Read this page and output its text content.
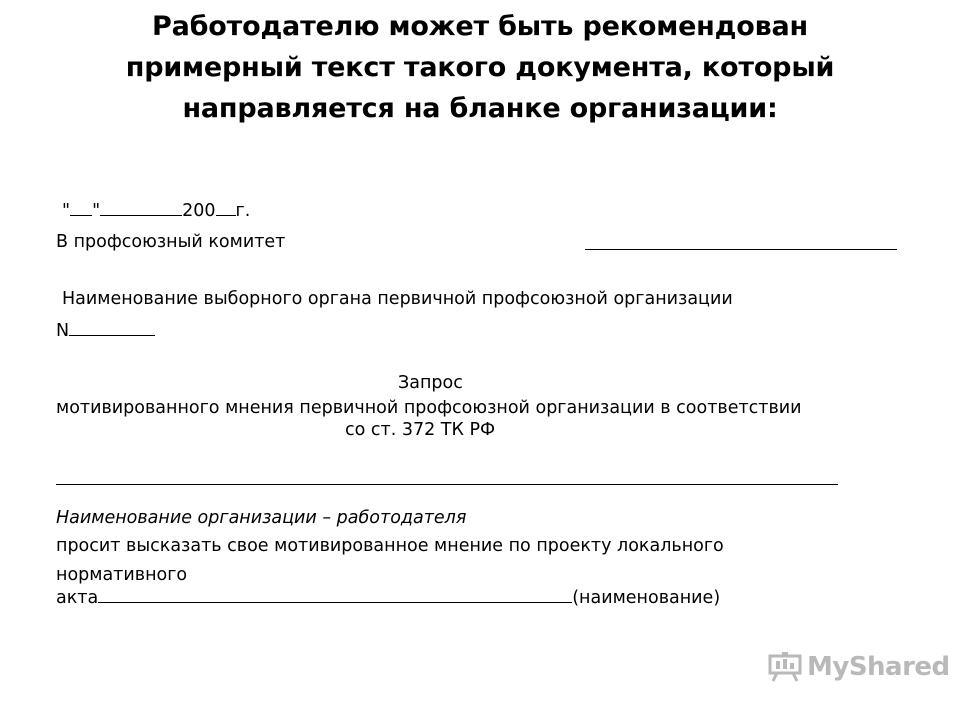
Работодателю может быть рекомендован
примерный текст такого документа, который
направляется на бланке организации:
" "	200 г.
В профсоюзный комитет
Наименование выборного органа первичной профсоюзной организации
N
Запрос
мотивированного мнения первичной профсоюзной организации в соответствии
со ст. 372 ТК РФ
Наименование организации – работодателя
просит высказать свое мотивированное мнение по проекту локального
нормативного
акта	(наименование)
MyShared
